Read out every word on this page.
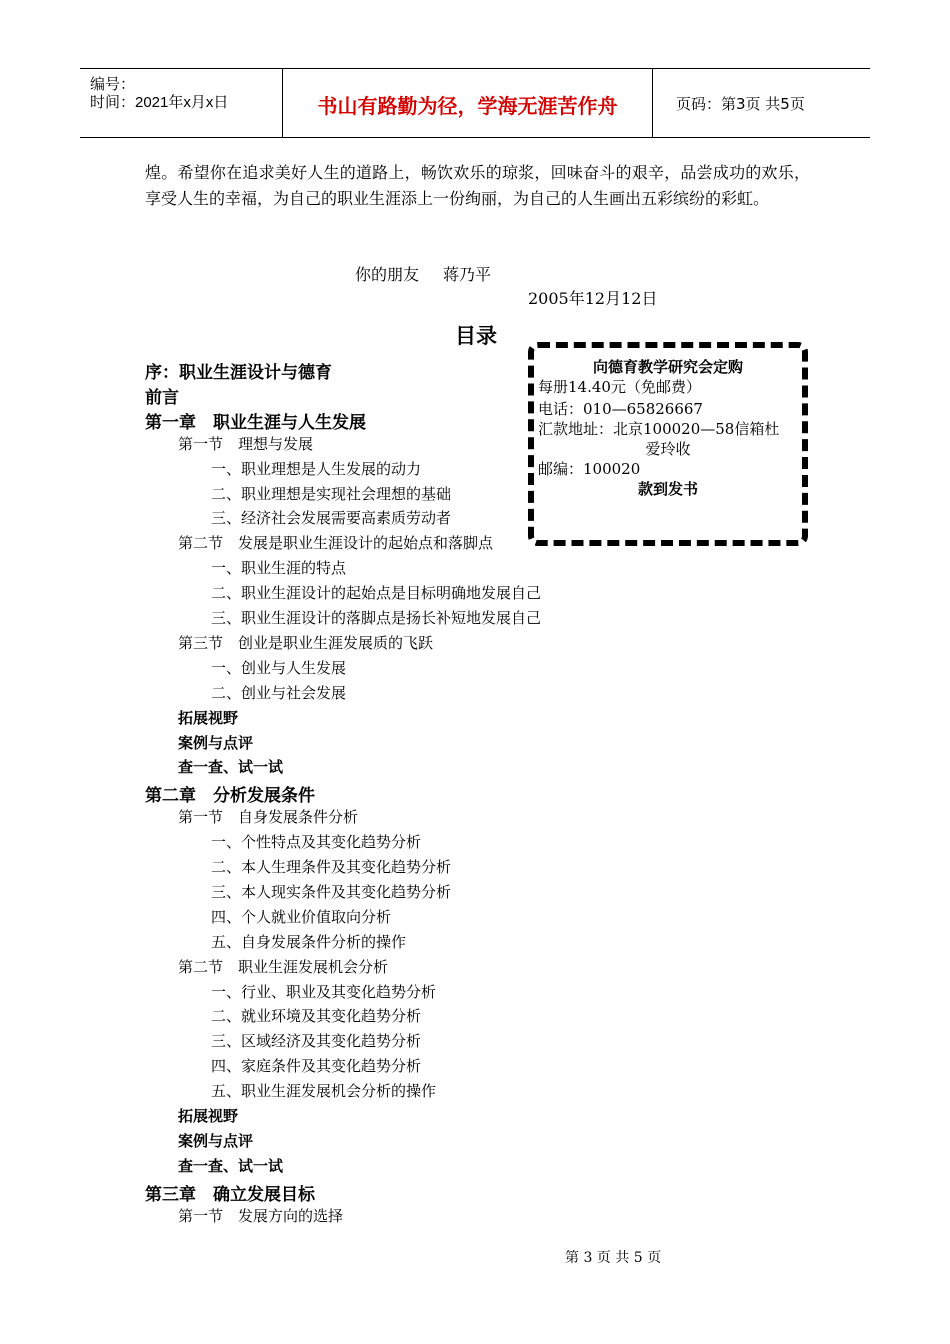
编号：
时间：2021年x月x日	书山有路勤为径，学海无涯苦作舟	页码：第3页 共5页
煌。希望你在追求美好人生的道路上，畅饮欢乐的琼浆，回味奋斗的艰辛，品尝成功的欢乐，享受人生的幸福，为自己的职业生涯添上一份绚丽，为自己的人生画出五彩缤纷的彩虹。
你的朋友 蒋乃平
2005年12月12日
目录
序：职业生涯设计与德育
前言
第一章　职业生涯与人生发展
第一节　理想与发展
一、职业理想是人生发展的动力
二、职业理想是实现社会理想的基础
三、经济社会发展需要高素质劳动者
第二节　发展是职业生涯设计的起始点和落脚点
一、职业生涯的特点
二、职业生涯设计的起始点是目标明确地发展自己
三、职业生涯设计的落脚点是扬长补短地发展自己
第三节　创业是职业生涯发展质的飞跃
一、创业与人生发展
二、创业与社会发展
拓展视野
案例与点评
查一查、试一试
第二章　分析发展条件
第一节　自身发展条件分析
一、个性特点及其变化趋势分析
二、本人生理条件及其变化趋势分析
三、本人现实条件及其变化趋势分析
四、个人就业价值取向分析
五、自身发展条件分析的操作
第二节　职业生涯发展机会分析
一、行业、职业及其变化趋势分析
二、就业环境及其变化趋势分析
三、区域经济及其变化趋势分析
四、家庭条件及其变化趋势分析
五、职业生涯发展机会分析的操作
拓展视野
案例与点评
查一查、试一试
第三章　确立发展目标
第一节　发展方向的选择
向德育教学研究会定购
每册14.40元（免邮费）
电话：010—65826667
汇款地址：北京100020—58信箱杜
爱玲收
邮编：100020
款到发书
第 3 页 共 5 页
